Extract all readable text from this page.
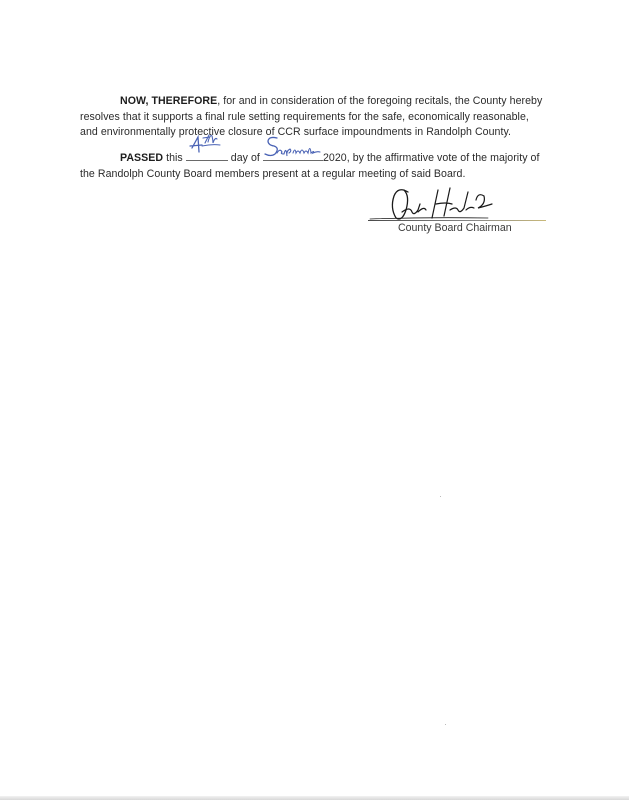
NOW, THEREFORE, for and in consideration of the foregoing recitals, the County hereby
resolves that it supports a final rule setting requirements for the safe, economically reasonable,
and environmentally protective closure of CCR surface impoundments in Randolph County.
PASSED this	day of	2020, by the affirmative vote of the majority of
the Randolph County Board members present at a regular meeting of said Board.
County Board Chairman
